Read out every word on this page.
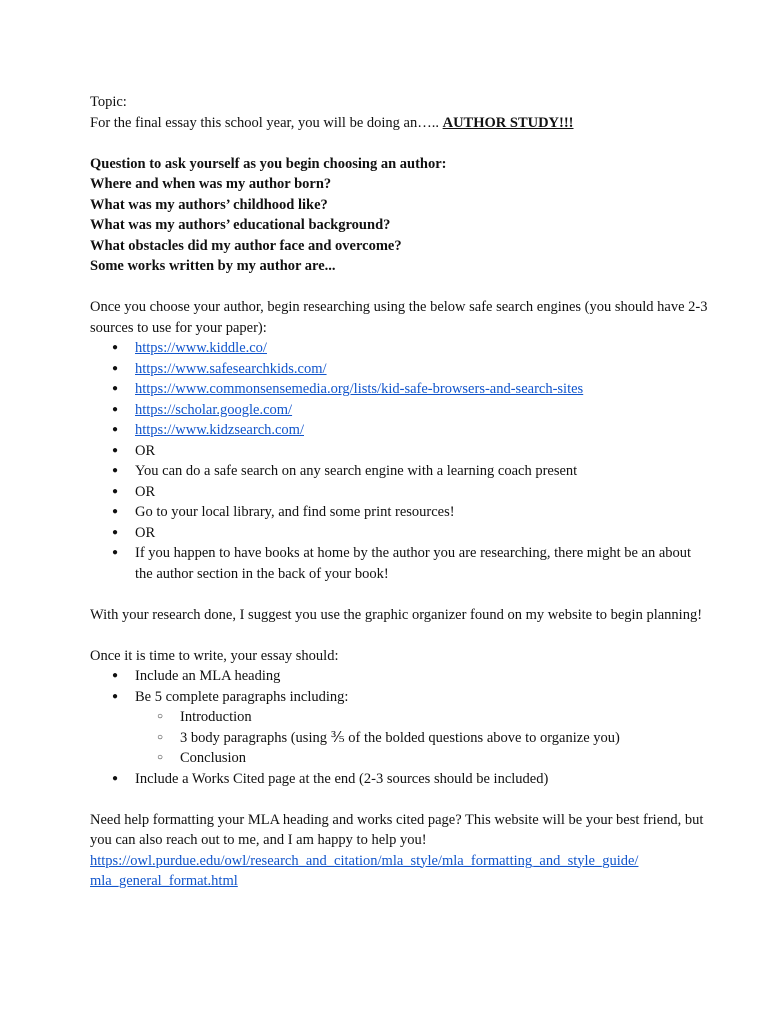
Topic:

For the final essay this school year, you will be doing an….. AUTHOR STUDY!!!

Question to ask yourself as you begin choosing an author:

Where and when was my author born?

What was my authors’ childhood like?

What was my authors’ educational background?

What obstacles did my author face and overcome?

Some works written by my author are...

Once you choose your author, begin researching using the below safe search engines (you should have 2-3 sources to use for your paper):

● https://www.kiddle.co/
● https://www.safesearchkids.com/
● https://www.commonsensemedia.org/lists/kid-safe-browsers-and-search-sites
● https://scholar.google.com/
● https://www.kidzsearch.com/
● OR
● You can do a safe search on any search engine with a learning coach present
● OR
● Go to your local library, and find some print resources!
● OR
● If you happen to have books at home by the author you are researching, there might be an about the author section in the back of your book!

With your research done, I suggest you use the graphic organizer found on my website to begin planning!

Once it is time to write, your essay should:

● Include an MLA heading
● Be 5 complete paragraphs including:
○ Introduction
○ 3 body paragraphs (using ⅗ of the bolded questions above to organize you)
○ Conclusion
● Include a Works Cited page at the end (2-3 sources should be included)

Need help formatting your MLA heading and works cited page? This website will be your best friend, but you can also reach out to me, and I am happy to help you!

https://owl.purdue.edu/owl/research_and_citation/mla_style/mla_formatting_and_style_guide/
mla_general_format.html
